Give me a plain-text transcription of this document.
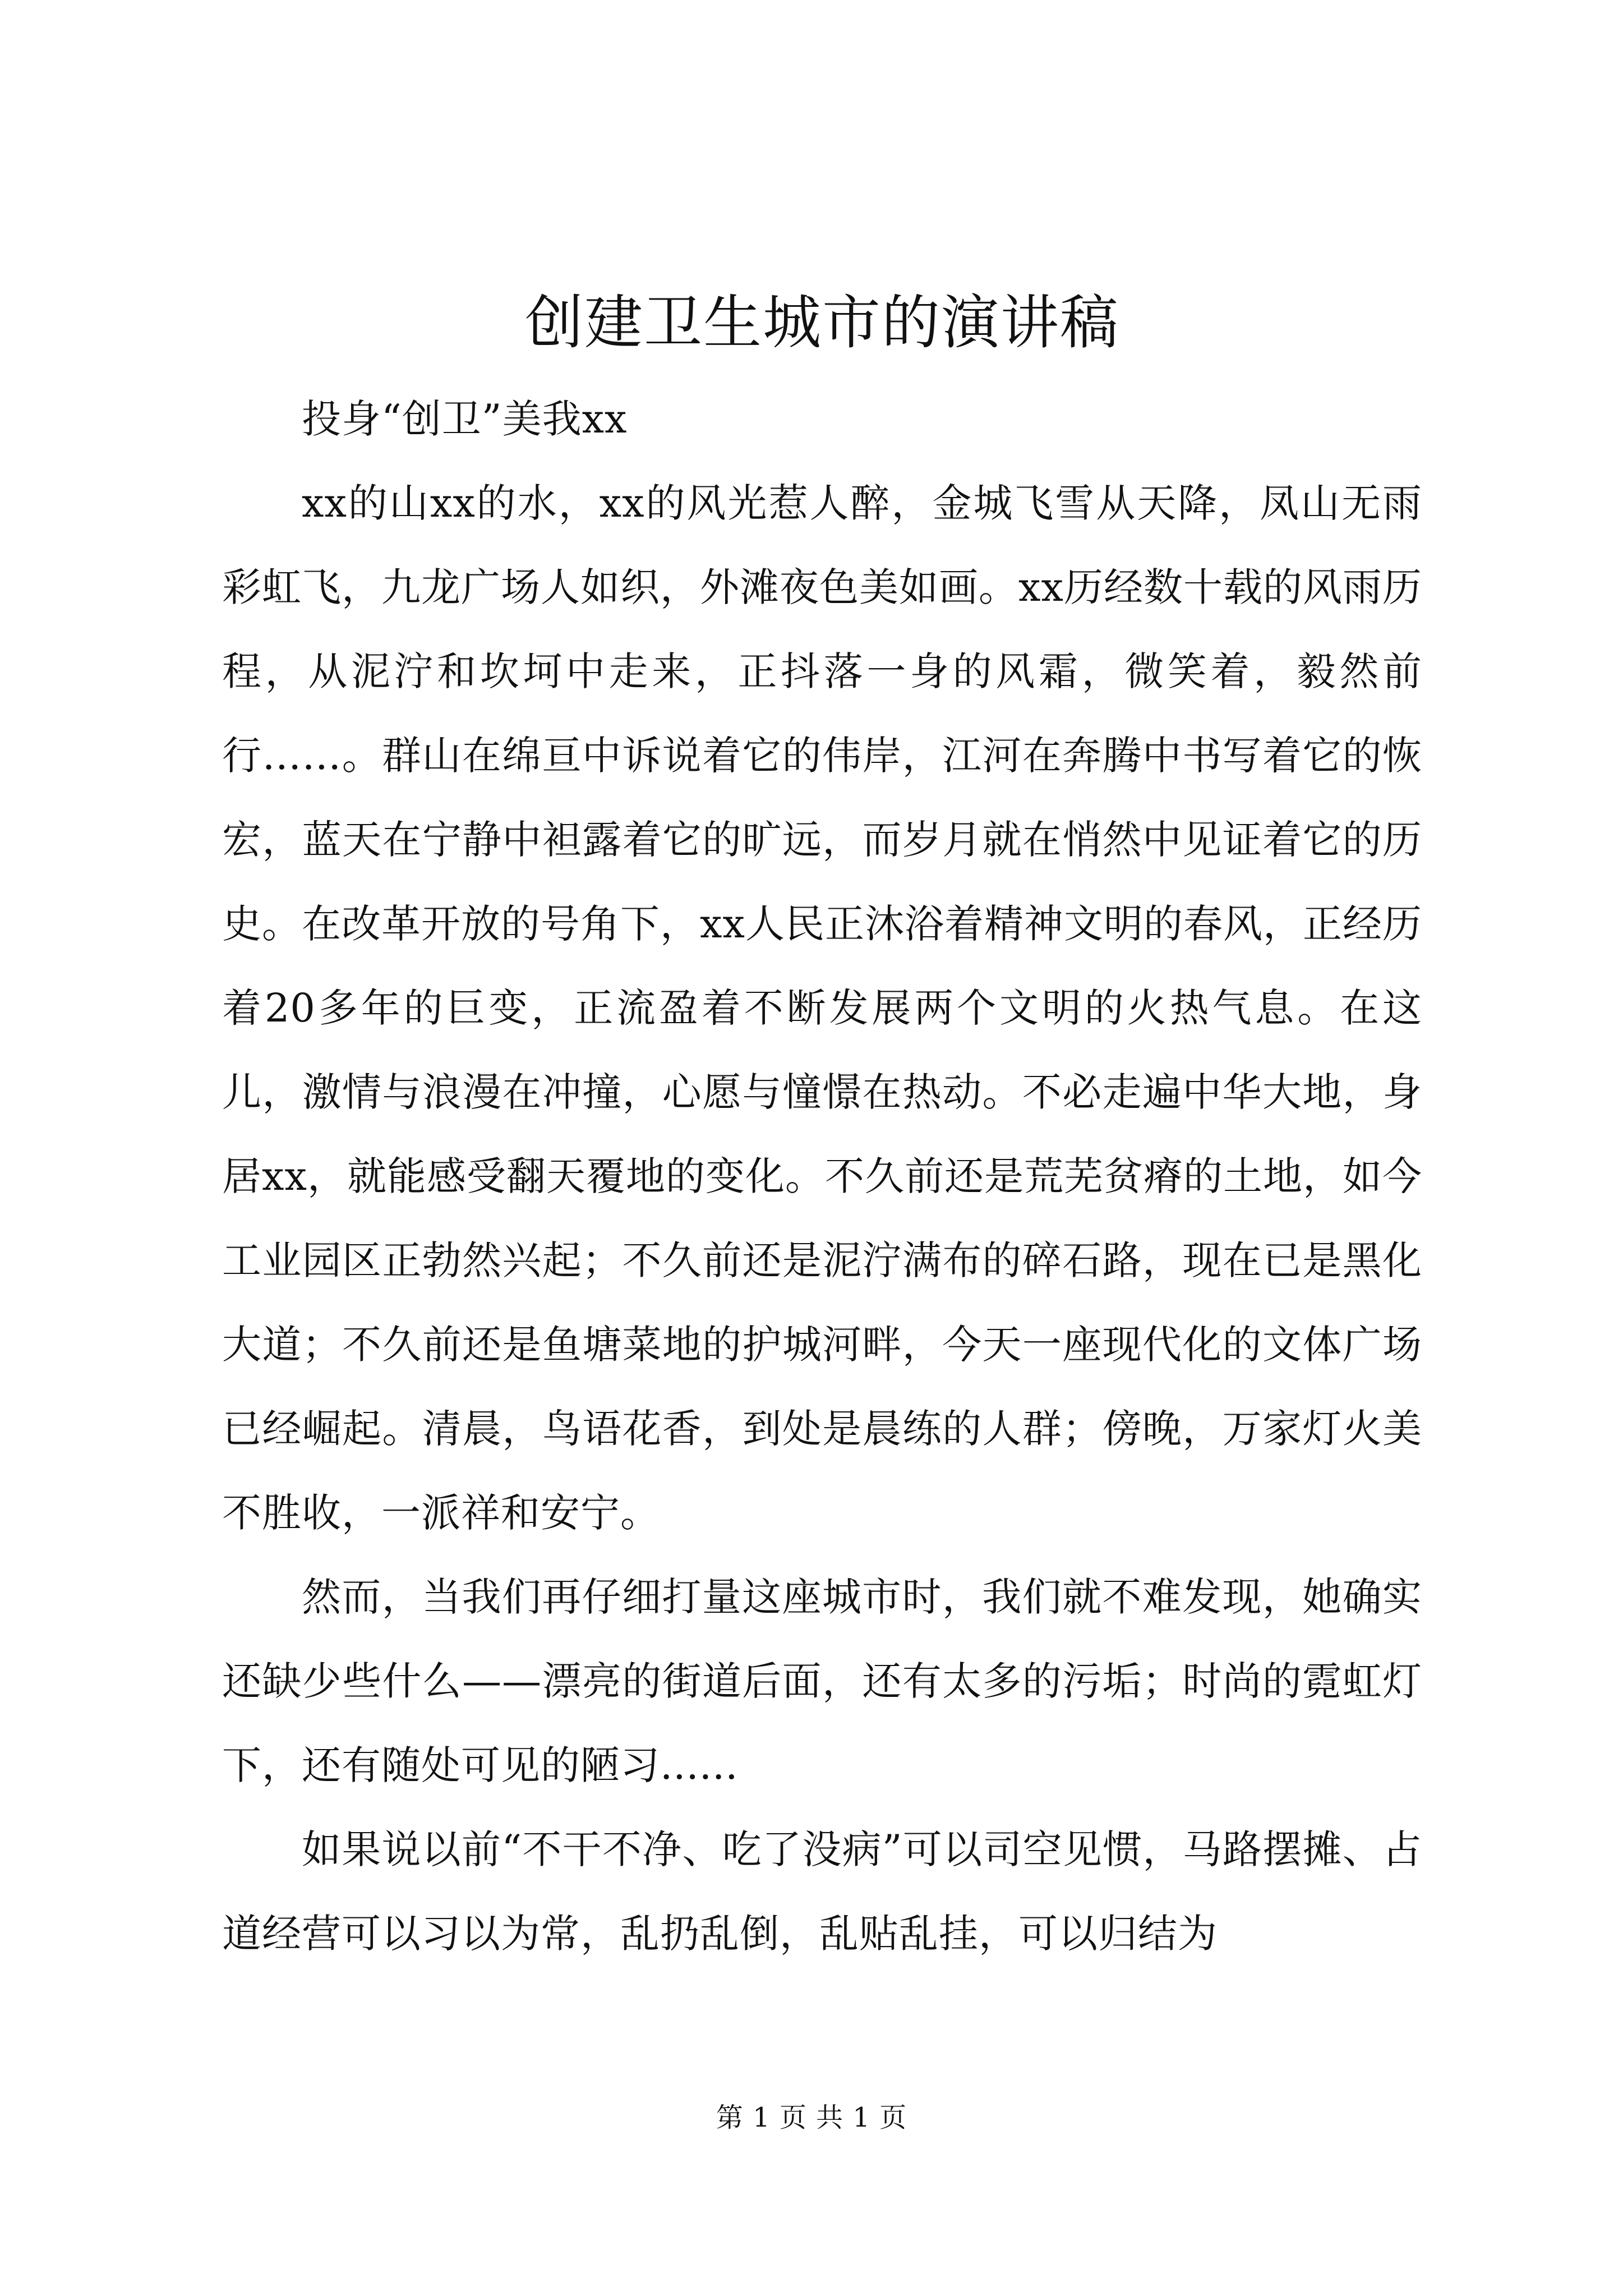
创建卫生城市的演讲稿

投身“创卫”美我xx

xx的山xx的水，xx的风光惹人醉，金城飞雪从天降，凤山无雨彩虹飞，九龙广场人如织，外滩夜色美如画。xx历经数十载的风雨历程，从泥泞和坎坷中走来，正抖落一身的风霜，微笑着，毅然前行……。群山在绵亘中诉说着它的伟岸，江河在奔腾中书写着它的恢宏，蓝天在宁静中袒露着它的旷远，而岁月就在悄然中见证着它的历史。在改革开放的号角下，xx人民正沐浴着精神文明的春风，正经历着20多年的巨变，正流盈着不断发展两个文明的火热气息。在这儿，激情与浪漫在冲撞，心愿与憧憬在热动。不必走遍中华大地，身居xx，就能感受翻天覆地的变化。不久前还是荒芜贫瘠的土地，如今工业园区正勃然兴起；不久前还是泥泞满布的碎石路，现在已是黑化大道；不久前还是鱼塘菜地的护城河畔，今天一座现代化的文体广场已经崛起。清晨，鸟语花香，到处是晨练的人群；傍晚，万家灯火美不胜收，一派祥和安宁。

然而，当我们再仔细打量这座城市时，我们就不难发现，她确实还缺少些什么——漂亮的街道后面，还有太多的污垢；时尚的霓虹灯下，还有随处可见的陋习......

如果说以前“不干不净、吃了没病”可以司空见惯，马路摆摊、占道经营可以习以为常，乱扔乱倒，乱贴乱挂，可以归结为

第 1 页 共 1 页
